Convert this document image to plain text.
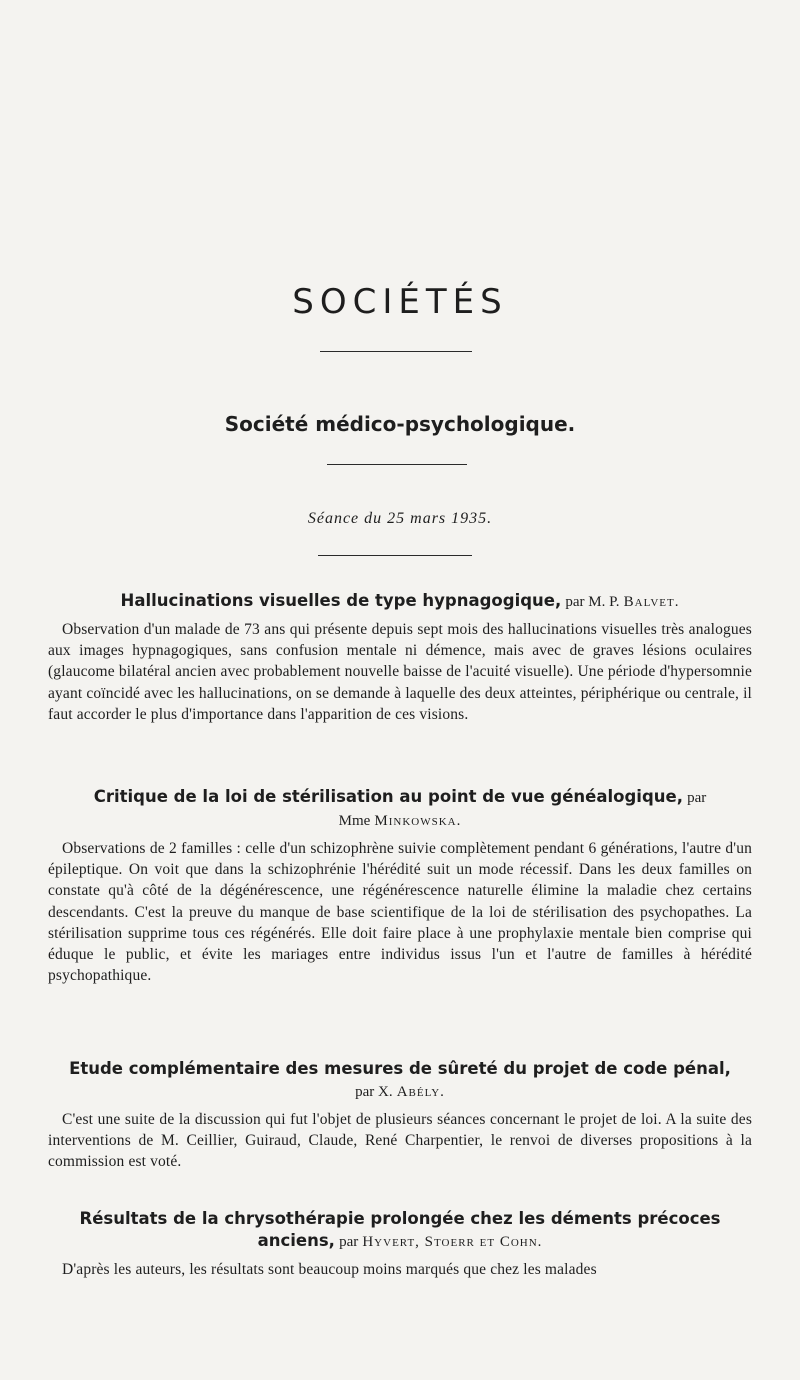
SOCIÉTÉS
Société médico-psychologique.

Séance du 25 mars 1935.

Hallucinations visuelles de type hypnagogique, par M. P. Balvet.

Observation d'un malade de 73 ans qui présente depuis sept mois des hallucinations visuelles très analogues aux images hypnagogiques, sans confusion mentale ni démence, mais avec de graves lésions oculaires (glaucome bilatéral ancien avec probablement nouvelle baisse de l'acuité visuelle). Une période d'hypersomnie ayant coïncidé avec les hallucinations, on se demande à laquelle des deux atteintes, périphérique ou centrale, il faut accorder le plus d'importance dans l'apparition de ces visions.

Critique de la loi de stérilisation au point de vue généalogique, par Mme Minkowska.

Observations de 2 familles : celle d'un schizophrène suivie complètement pendant 6 générations, l'autre d'un épileptique. On voit que dans la schizophrénie l'hérédité suit un mode récessif. Dans les deux familles on constate qu'à côté de la dégénérescence, une régénérescence naturelle élimine la maladie chez certains descendants. C'est la preuve du manque de base scientifique de la loi de stérilisation des psychopathes. La stérilisation supprime tous ces régénérés. Elle doit faire place à une prophylaxie mentale bien comprise qui éduque le public, et évite les mariages entre individus issus l'un et l'autre de familles à hérédité psychopathique.

Etude complémentaire des mesures de sûreté du projet de code pénal, par X. Abély.

C'est une suite de la discussion qui fut l'objet de plusieurs séances concernant le projet de loi. A la suite des interventions de M. Ceillier, Guiraud, Claude, René Charpentier, le renvoi de diverses propositions à la commission est voté.

Résultats de la chrysothérapie prolongée chez les déments précoces anciens, par Hyvert, Stoerr et Cohn.

D'après les auteurs, les résultats sont beaucoup moins marqués que chez les malades
